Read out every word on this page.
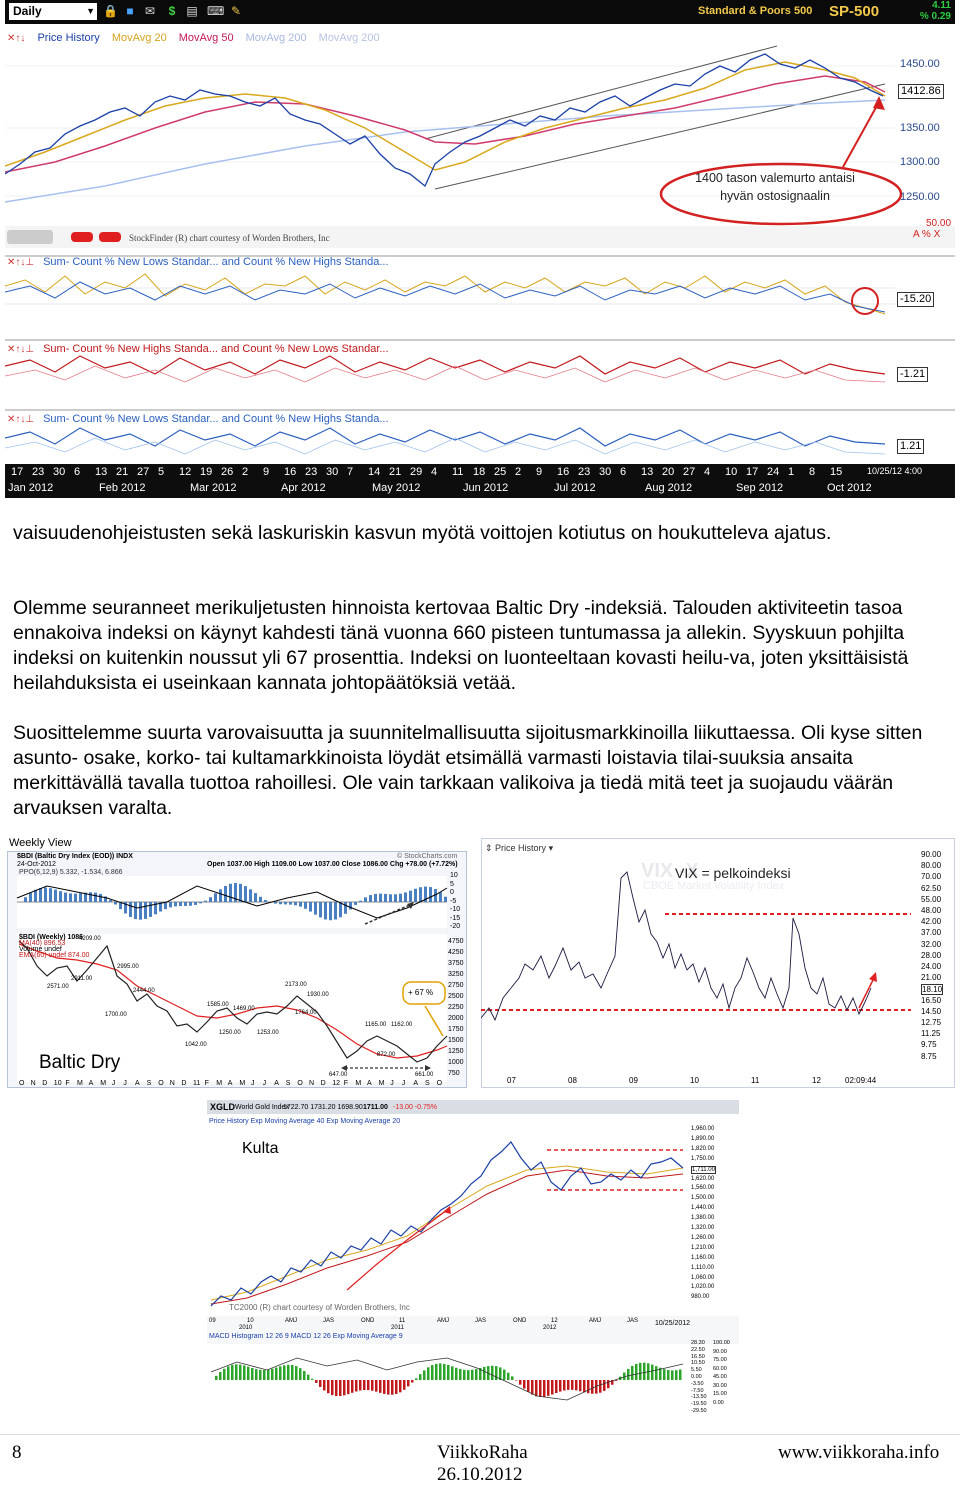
Daily	▼ 🔒 ■ ✉	$ ▤ ⌨ ✎	Standard & Poors 500 SP-500	4.11
% 0.29
✕↑↓ Price History MovAvg 20 MovAvg 50 MovAvg 200 MovAvg 200
1450.00
1412.86
1350.00
1300.00
1250.00
1400 tason valemurto antaisi hyvän ostosignaalin
StockFinder (R) chart courtesy of Worden Brothers, Inc
50.00
A % X
✕↑↓⊥ Sum- Count % New Lows Standar... and Count % New Highs Standa...
-15.20
✕↑↓⊥ Sum- Count % New Highs Standa... and Count % New Lows Standar...
-1.21
✕↑↓⊥ Sum- Count % New Lows Standar... and Count % New Highs Standa...
1.21
17 23 30 6 13 21 27 5 12 19 26 2 9 16 23 30 7 14 21 29 4 11 18 25 2 9 16 23 30 6 13 20 27 4 10 17 24 1 8 15
Jan 2012	Feb 2012	Mar 2012	Apr 2012	May 2012	Jun 2012	Jul 2012	Aug 2012	Sep 2012	Oct 2012
10/25/12 4:00
vaisuudenohjeistusten sekä laskuriskin kasvun myötä voittojen kotiutus on houkutteleva ajatus.
Olemme seuranneet merikuljetusten hinnoista kertovaa Baltic Dry -indeksiä. Talouden aktiviteetin tasoa ennakoiva indeksi on käynyt kahdesti tänä vuonna 660 pisteen tuntumassa ja allekin. Syyskuun pohjilta indeksi on kuitenkin noussut yli 67 prosenttia. Indeksi on luonteeltaan kovasti heilu-va, joten yksittäisistä heilahduksista ei useinkaan kannata johtopäätöksiä vetää.
Suosittelemme suurta varovaisuutta ja suunnitelmallisuutta sijoitusmarkkinoilla liikuttaessa. Oli kyse sitten asunto- osake, korko- tai kultamarkkinoista löydät etsimällä varmasti loistavia tilai-suuksia ansaita merkittävällä tavalla tuottoa rahoillesi. Ole vain tarkkaan valikoiva ja tiedä mitä teet ja suojaudu väärän arvauksen varalta.
Weekly View
$BDI (Baltic Dry Index (EOD)) INDX
24-Oct-2012	Open 1037.00 High 1109.00 Low 1037.00 Close 1086.00 Chg +78.00 (+7.72%)
© StockCharts.com
PPO(6,12,9) 5.332, -1.534, 6.866
+ 67 %
$BDI (Weekly) 1086
MA(40) 896.53
Volume undef
EMA(60) undef 874.00
10
5
0
-5
-10
-15
-20
4750
4250
3750
3250
2750
2500
2250
2000
1750
1500
1250
1000
750
4209.00
2995.00
2911.00
2571.00
2444.00
1700.00
2173.00
1930.00
1585.00
1469.00
1764.00
1250.00	1253.00
1165.00 1162.00
1042.00
872.00
647.00	661.00
Baltic Dry
O N D 10 F M A M J J A S O N D 11 F M A M J J A S O N D 12 F M A M J J A S O
⇕ Price History ▾
VIX -X
CBOE Market Volatility Index
VIX = pelkoindeksi
90.00
80.00
70.00
62.50
55.00
48.00
42.00
37.00
32.00
28.00
24.00
21.00
18.10
16.50
14.50
12.75
11.25
9.75
8.75
07	08	09	10	11	12	02:09:44
XGLD World Gold Index
1722.70 1731.20 1698.90 1711.00 -13.00 -0.75%
Price History Exp Moving Average 40 Exp Moving Average 20
Kulta
TC2000 (R) chart courtesy of Worden Brothers, Inc
1,960.00
1,890.00
1,820.00
1,750.00
1,711.00
1,620.00
1,560.00
1,500.00
1,440.00
1,380.00
1,320.00
1,260.00
1,210.00
1,160.00
1,110.00
1,060.00
1,020.00
980.00
09	10	AMJ	JAS	OND	11	AMJ	JAS	OND	12	AMJ	JAS
2010	2011	2012
10/25/2012
MACD Histogram 12 26 9 MACD 12 26 Exp Moving Average 9
28.30
22.50
16.50
10.50
5.50
0.00
-3.50
-7.50
-13.50
-19.50
-29.50
100.00
90.00
75.00
60.00
45.00
30.00
15.00
0.00
8	ViikkoRaha
26.10.2012
www.viikkoraha.info
